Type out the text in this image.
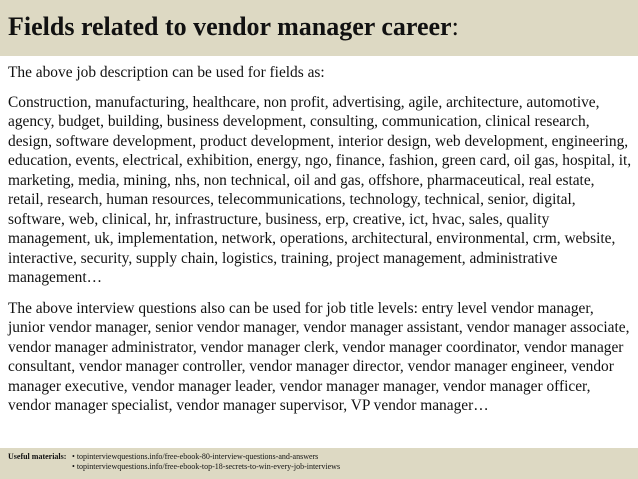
Fields related to vendor manager career:

The above job description can be used for fields as:

Construction, manufacturing, healthcare, non profit, advertising, agile, architecture, automotive, agency, budget, building, business development, consulting, communication, clinical research, design, software development, product development, interior design, web development, engineering, education, events, electrical, exhibition, energy, ngo, finance, fashion, green card, oil gas, hospital, it, marketing, media, mining, nhs, non technical, oil and gas, offshore, pharmaceutical, real estate, retail, research, human resources, telecommunications, technology, technical, senior, digital, software, web, clinical, hr, infrastructure, business, erp, creative, ict, hvac, sales, quality management, uk, implementation, network, operations, architectural, environmental, crm, website, interactive, security, supply chain, logistics, training, project management, administrative management…

The above interview questions also can be used for job title levels: entry level vendor manager, junior vendor manager, senior vendor manager, vendor manager assistant, vendor manager associate, vendor manager administrator, vendor manager clerk, vendor manager coordinator, vendor manager consultant, vendor manager controller, vendor manager director, vendor manager engineer, vendor manager executive, vendor manager leader, vendor manager manager, vendor manager officer, vendor manager specialist, vendor manager supervisor, VP vendor manager…

Useful materials: • topinterviewquestions.info/free-ebook-80-interview-questions-and-answers
• topinterviewquestions.info/free-ebook-top-18-secrets-to-win-every-job-interviews
